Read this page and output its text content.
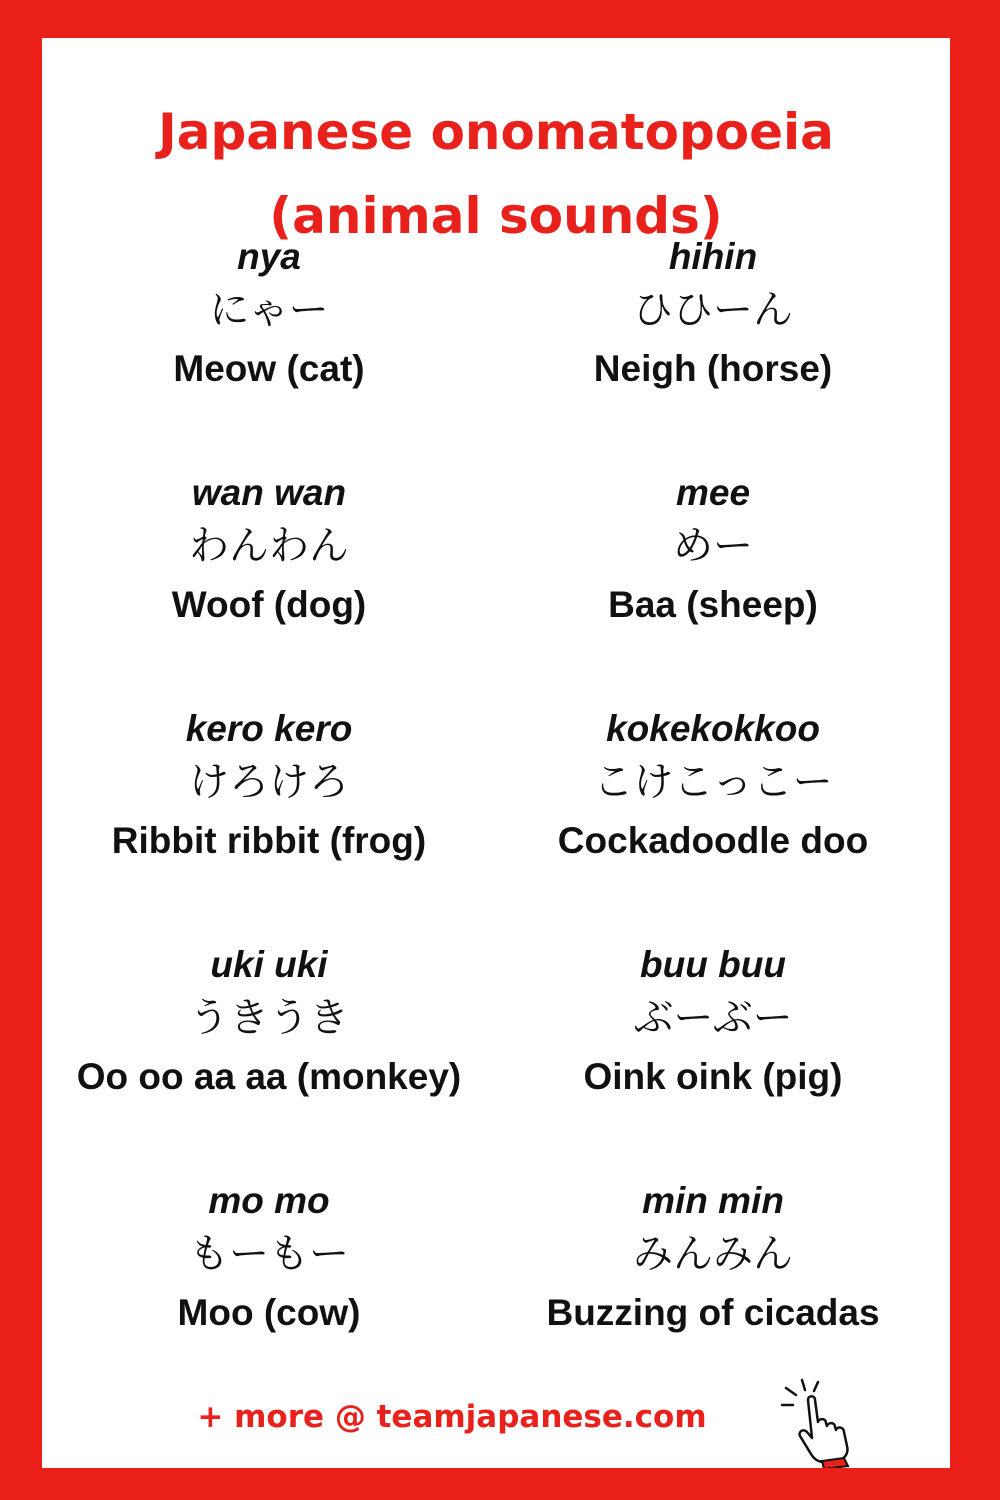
Japanese onomatopoeia
(animal sounds)
nya
にゃー
Meow (cat)
hihin
ひひーん
Neigh (horse)
wan wan
わんわん
Woof (dog)
mee
めー
Baa (sheep)
kero kero
けろけろ
Ribbit ribbit (frog)
kokekokkoo
こけこっこー
Cockadoodle doo
uki uki
うきうき
Oo oo aa aa (monkey)
buu buu
ぶーぶー
Oink oink (pig)
mo mo
もーもー
Moo (cow)
min min
みんみん
Buzzing of cicadas
+ more @ teamjapanese.com
